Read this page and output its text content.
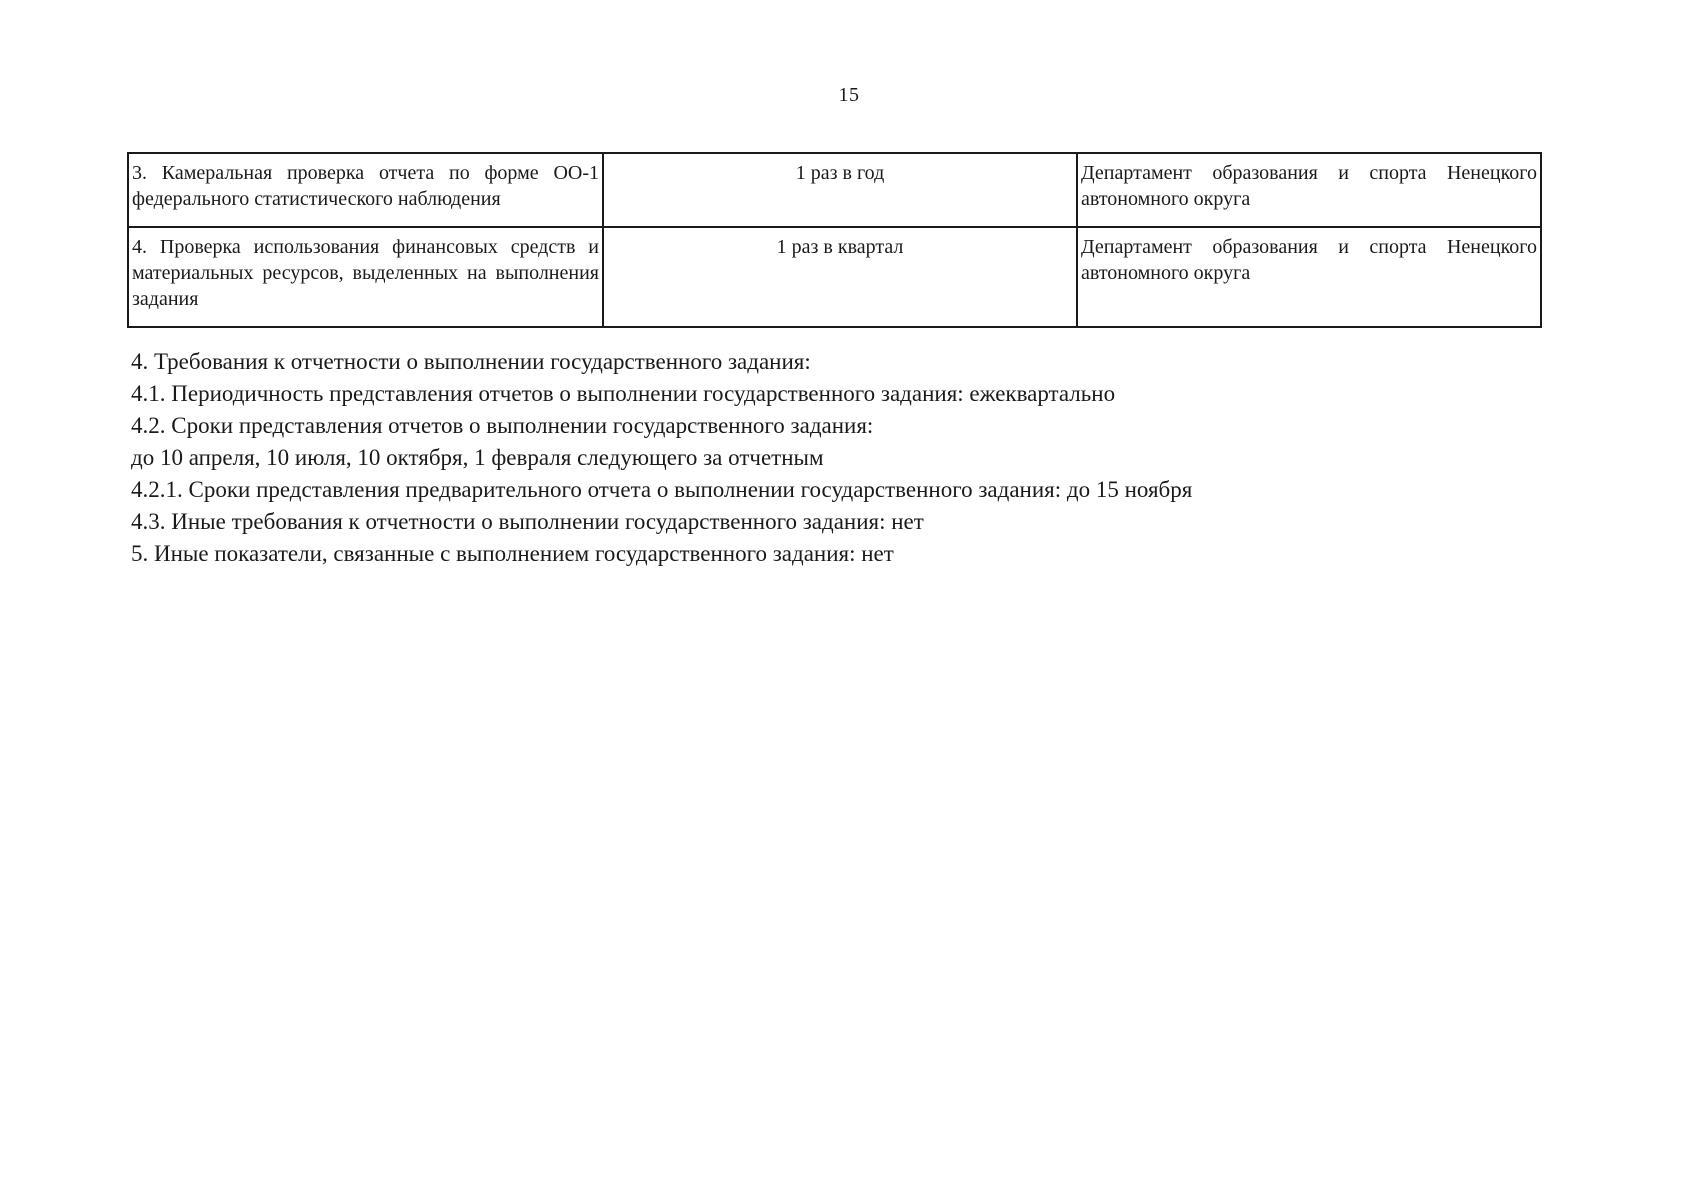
15
3. Камеральная проверка отчета по форме ОО-1 федерального статистического наблюдения	1 раз в год	Департамент образования и спорта Ненецкого автономного округа
4. Проверка использования финансовых средств и материальных ресурсов, выделенных на выполнения задания	1 раз в квартал	Департамент образования и спорта Ненецкого автономного округа

4. Требования к отчетности о выполнении государственного задания:

4.1. Периодичность представления отчетов о выполнении государственного задания: ежеквартально

4.2. Сроки представления отчетов о выполнении государственного задания:

до 10 апреля, 10 июля, 10 октября, 1 февраля следующего за отчетным

4.2.1. Сроки представления предварительного отчета о выполнении государственного задания: до 15 ноября

4.3. Иные требования к отчетности о выполнении государственного задания: нет

5. Иные показатели, связанные с выполнением государственного задания: нет
